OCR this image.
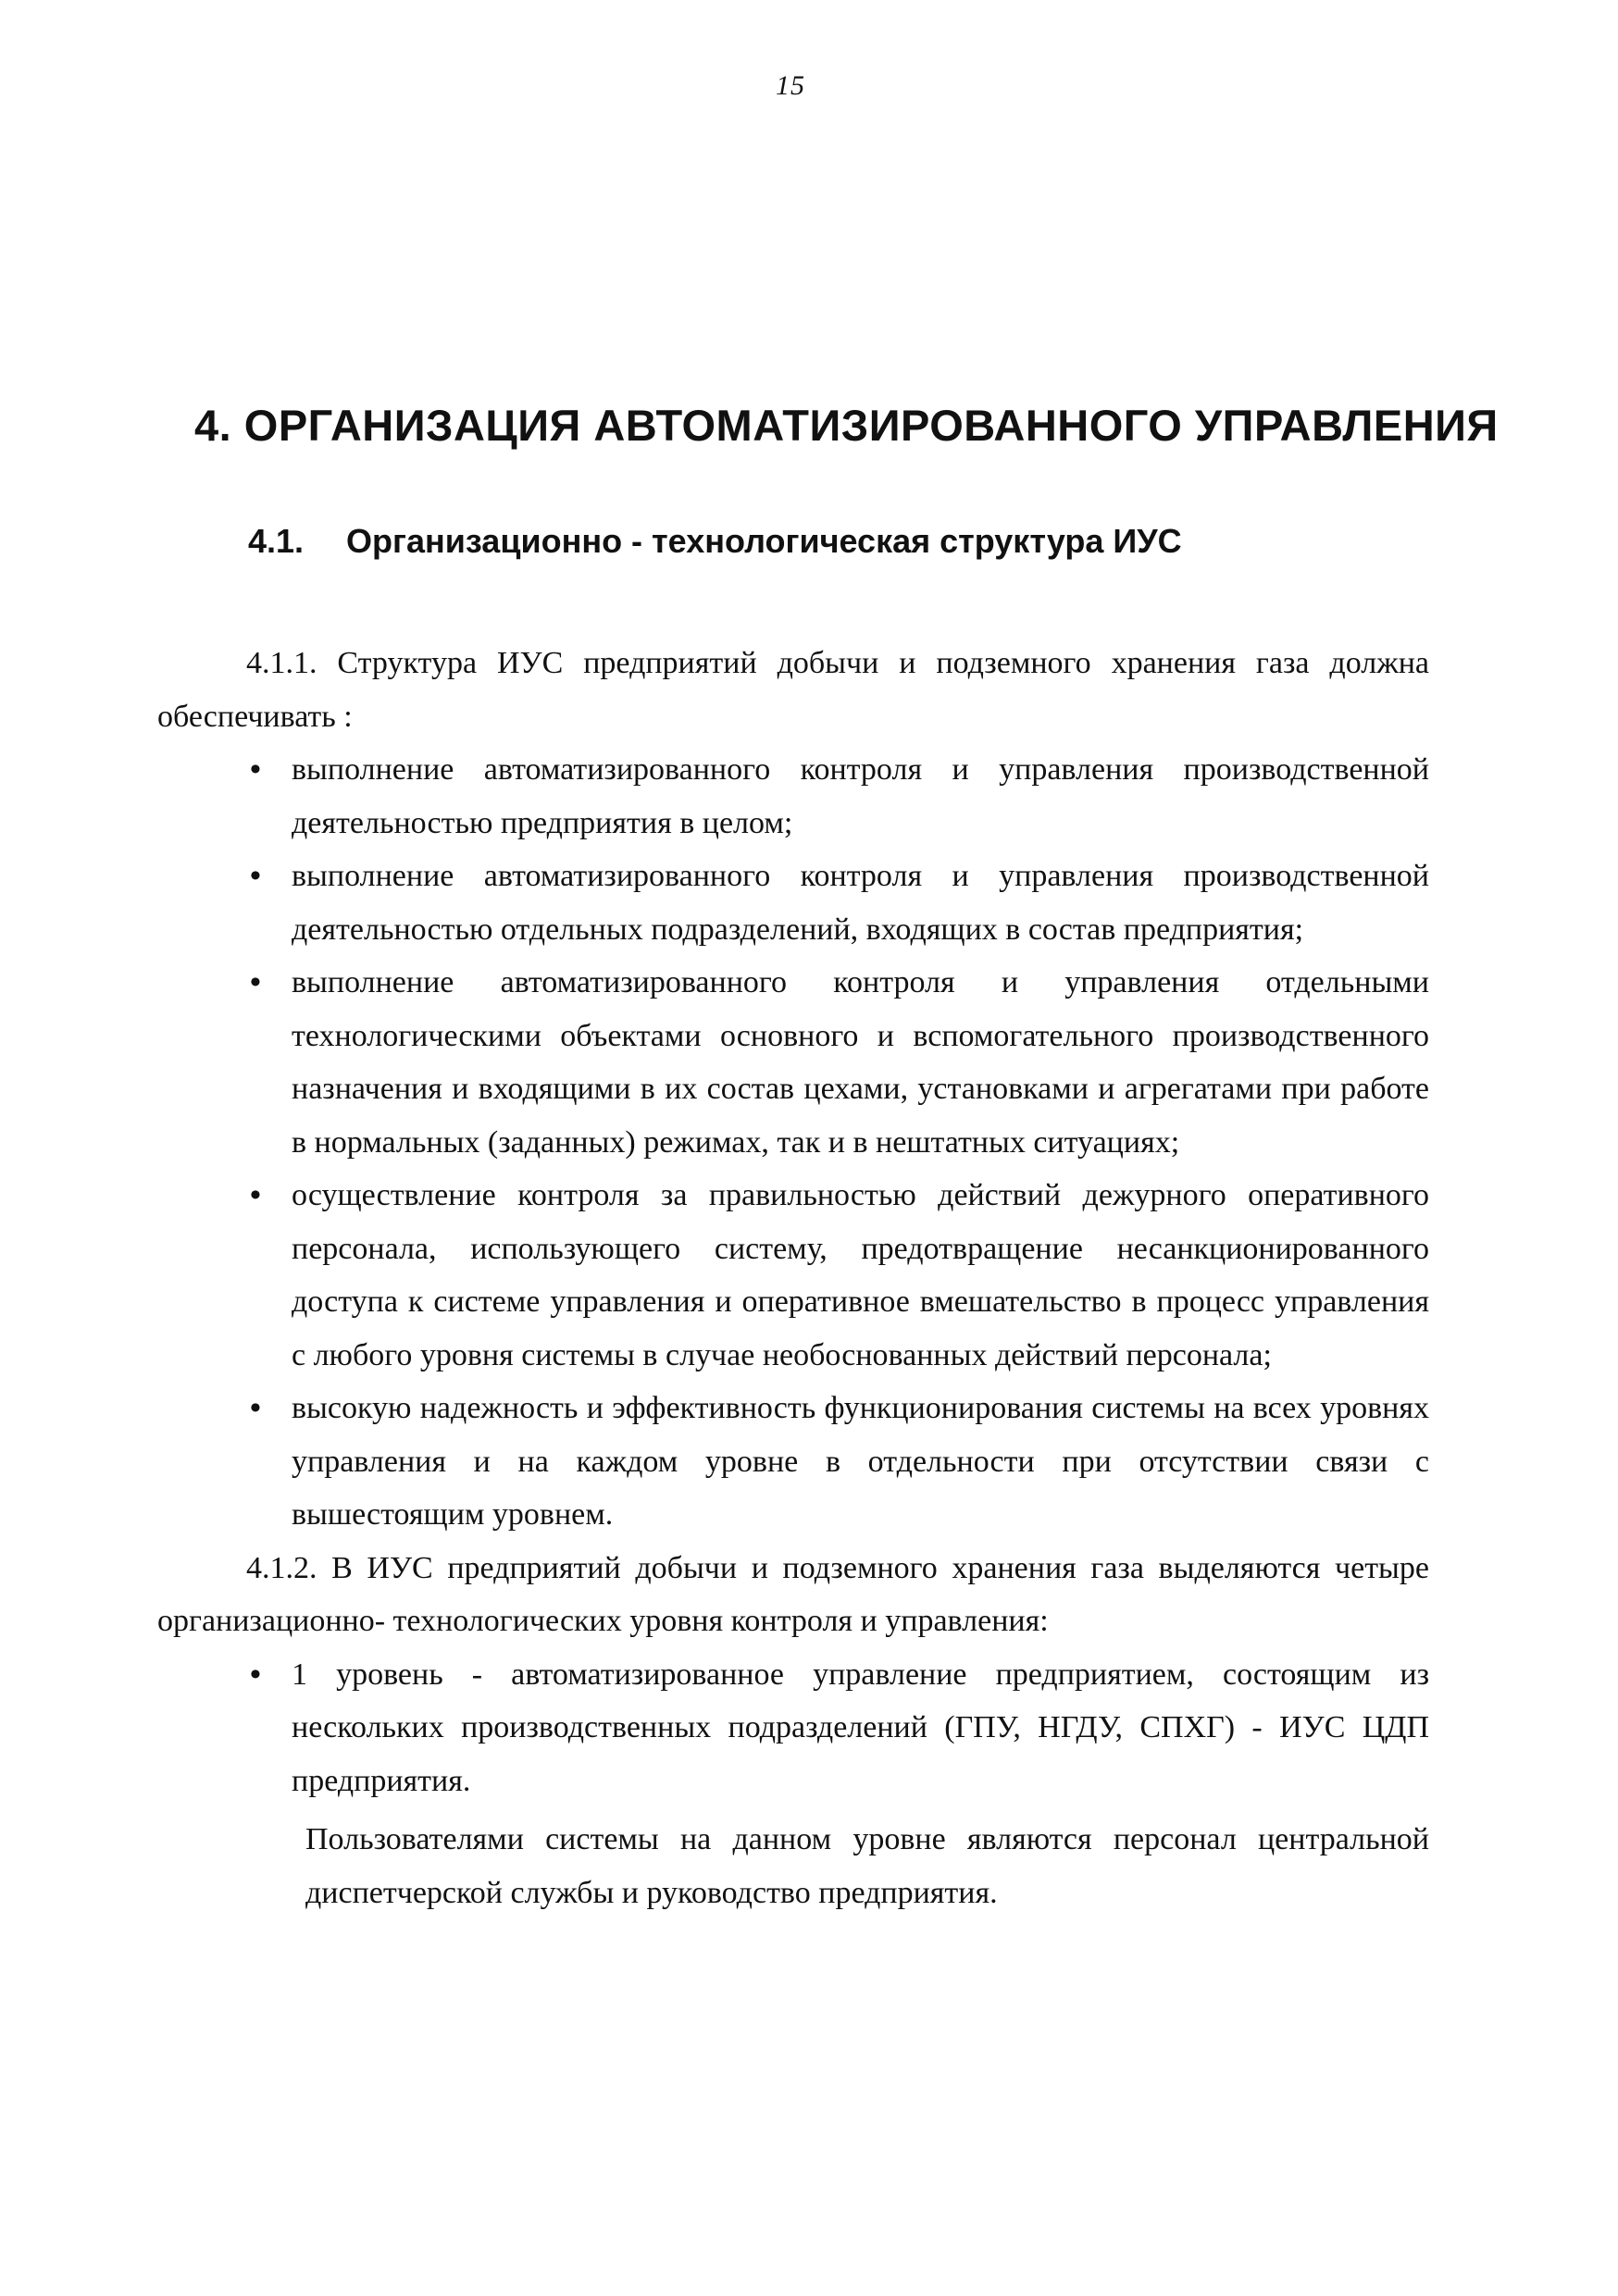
15
4. ОРГАНИЗАЦИЯ АВТОМАТИЗИРОВАННОГО УПРАВЛЕНИЯ
4.1. Организационно - технологическая структура ИУС

4.1.1. Структура ИУС предприятий добычи и подземного хранения газа должна обеспечивать :

• выполнение автоматизированного контроля и управления производственной деятельностью предприятия в целом;
• выполнение автоматизированного контроля и управления производственной деятельностью отдельных подразделений, входящих в состав предприятия;
• выполнение автоматизированного контроля и управления отдельными технологическими объектами основного и вспомогательного производственного назначения и входящими в их состав цехами, установками и агрегатами при работе в нормальных (заданных) режимах, так и в нештатных ситуациях;
• осуществление контроля за правильностью действий дежурного оперативного персонала, использующего систему, предотвращение несанкционированного доступа к системе управления и оперативное вмешательство в процесс управления с любого уровня системы в случае необоснованных действий персонала;
• высокую надежность и эффективность функционирования системы на всех уровнях управления и на каждом уровне в отдельности при отсутствии связи с вышестоящим уровнем.

4.1.2. В ИУС предприятий добычи и подземного хранения газа выделяются четыре организационно- технологических уровня контроля и управления:

• 1 уровень - автоматизированное управление предприятием, состоящим из нескольких производственных подразделений (ГПУ, НГДУ, СПХГ) - ИУС ЦДП предприятия.

Пользователями системы на данном уровне являются персонал центральной диспетчерской службы и руководство предприятия.
